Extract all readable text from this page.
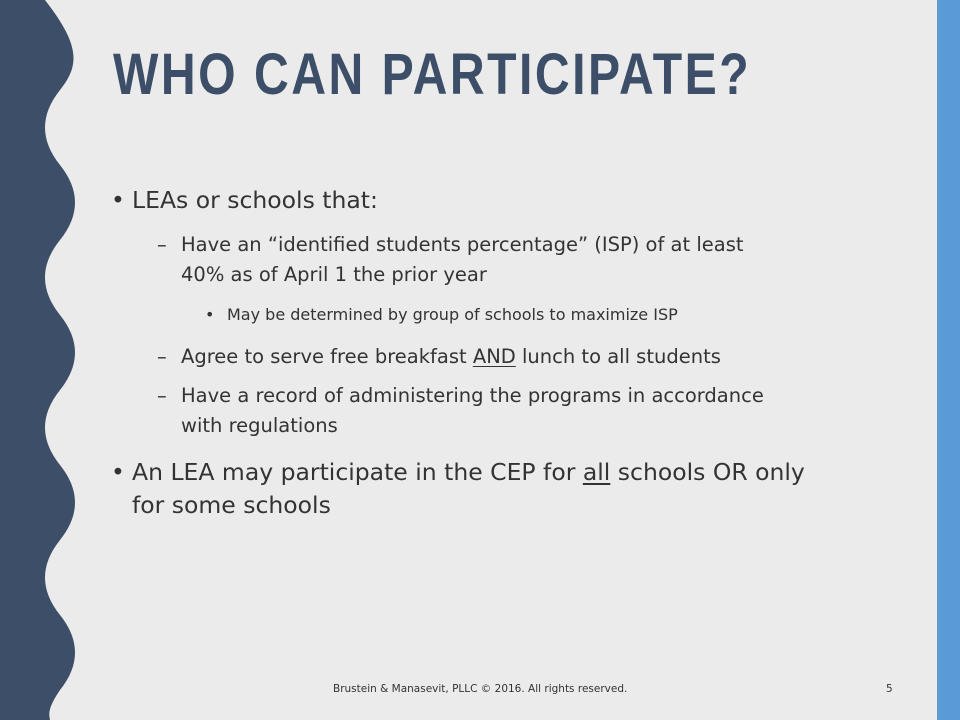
WHO CAN PARTICIPATE?
• LEAs or schools that:
– Have an “identified students percentage” (ISP) of at least
40% as of April 1 the prior year
• May be determined by group of schools to maximize ISP
– Agree to serve free breakfast AND lunch to all students
– Have a record of administering the programs in accordance
with regulations
• An LEA may participate in the CEP for all schools OR only
for some schools
Brustein & Manasevit, PLLC © 2016. All rights reserved.	5
